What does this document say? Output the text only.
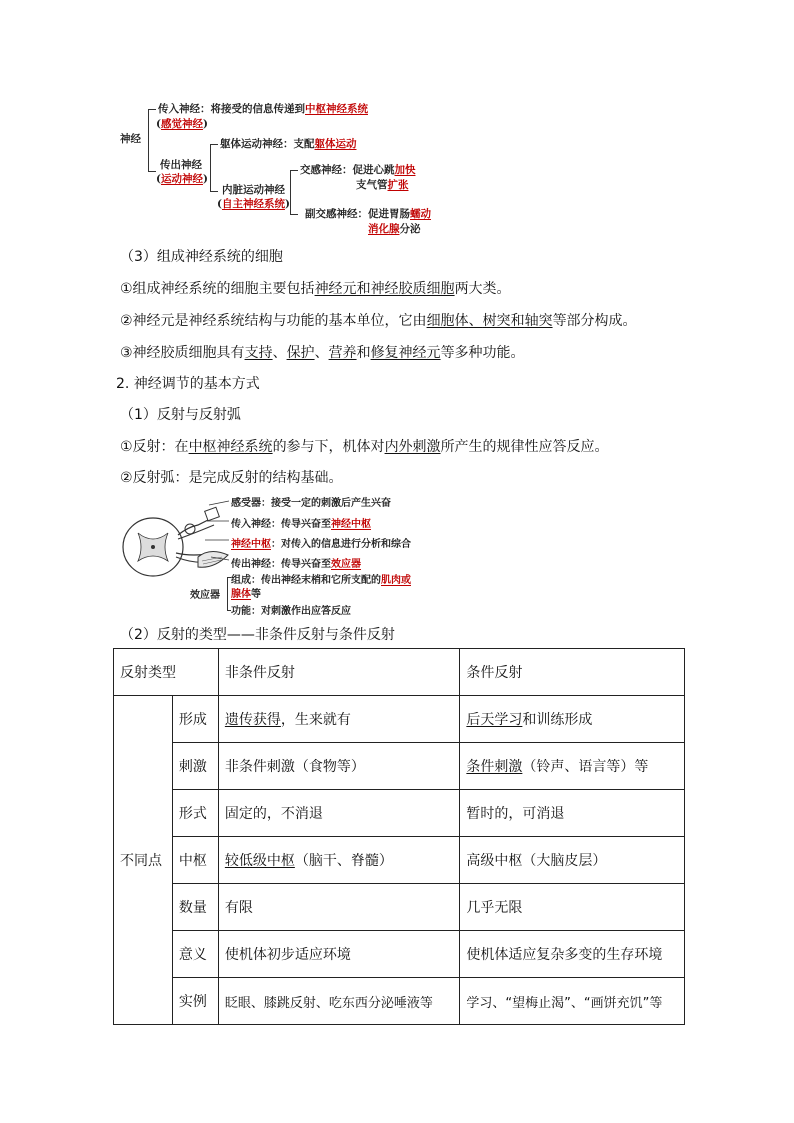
神经
传入神经：将接受的信息传递到中枢神经系统
(感觉神经)
传出神经
(运动神经)
躯体运动神经：支配躯体运动
内脏运动神经
(自主神经系统)
交感神经：促进心跳加快
支气管扩张
副交感神经：促进胃肠蠕动
消化腺分泌
（3）组成神经系统的细胞
①组成神经系统的细胞主要包括神经元和神经胶质细胞两大类。
②神经元是神经系统结构与功能的基本单位，它由细胞体、树突和轴突等部分构成。
③神经胶质细胞具有支持、保护、营养和修复神经元等多种功能。
2. 神经调节的基本方式
（1）反射与反射弧
①反射：在中枢神经系统的参与下，机体对内外刺激所产生的规律性应答反应。
②反射弧：是完成反射的结构基础。
感受器：接受一定的刺激后产生兴奋
传入神经：传导兴奋至神经中枢
神经中枢：对传入的信息进行分析和综合
传出神经：传导兴奋至效应器
效应器
组成：传出神经末梢和它所支配的肌肉或
腺体等
功能：对刺激作出应答反应
（2）反射的类型——非条件反射与条件反射
反射类型		非条件反射	条件反射
不同点	形成	遗传获得，生来就有	后天学习和训练形成
	刺激	非条件刺激（食物等）	条件刺激（铃声、语言等）等
	形式	固定的，不消退	暂时的，可消退
	中枢	较低级中枢（脑干、脊髓）	高级中枢（大脑皮层）
	数量	有限	几乎无限
	意义	使机体初步适应环境	使机体适应复杂多变的生存环境
	实例	眨眼、膝跳反射、吃东西分泌唾液等	学习、“望梅止渴”、“画饼充饥”等
